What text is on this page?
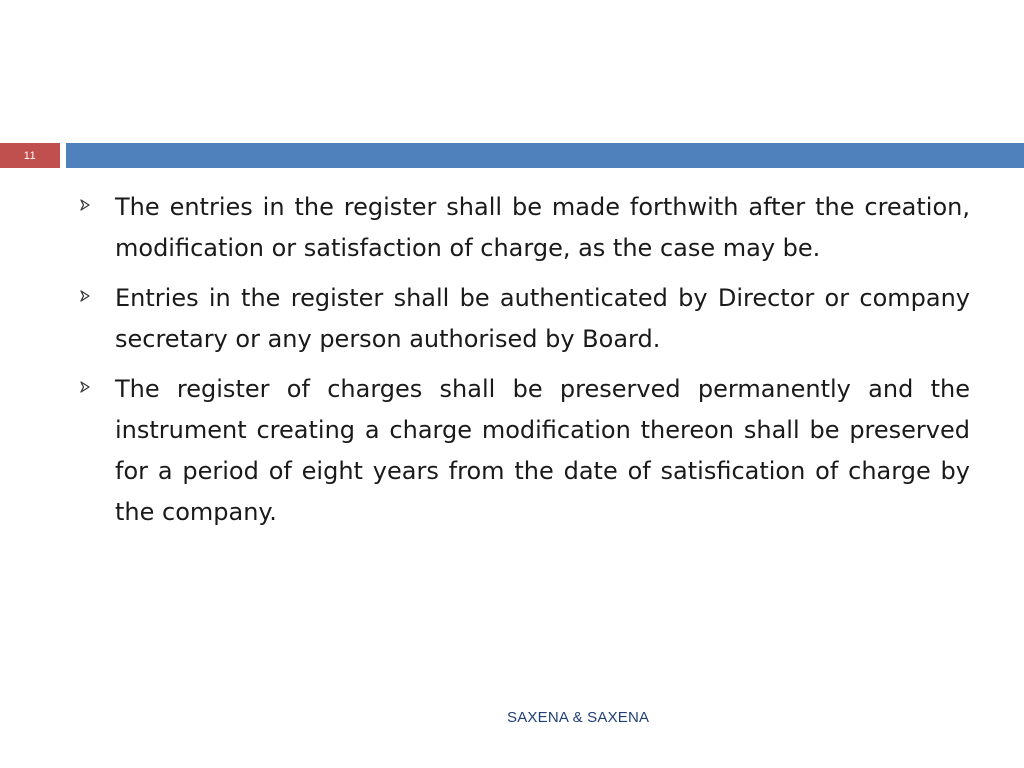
11

The entries in the register shall be made forthwith after the creation, modification or satisfaction of charge, as the case may be.

Entries in the register shall be authenticated by Director or company secretary or any person authorised by Board.

The register of charges shall be preserved permanently and the instrument creating a charge modification thereon shall be preserved for a period of eight years from the date of satisfication of charge by the company.

SAXENA & SAXENA
